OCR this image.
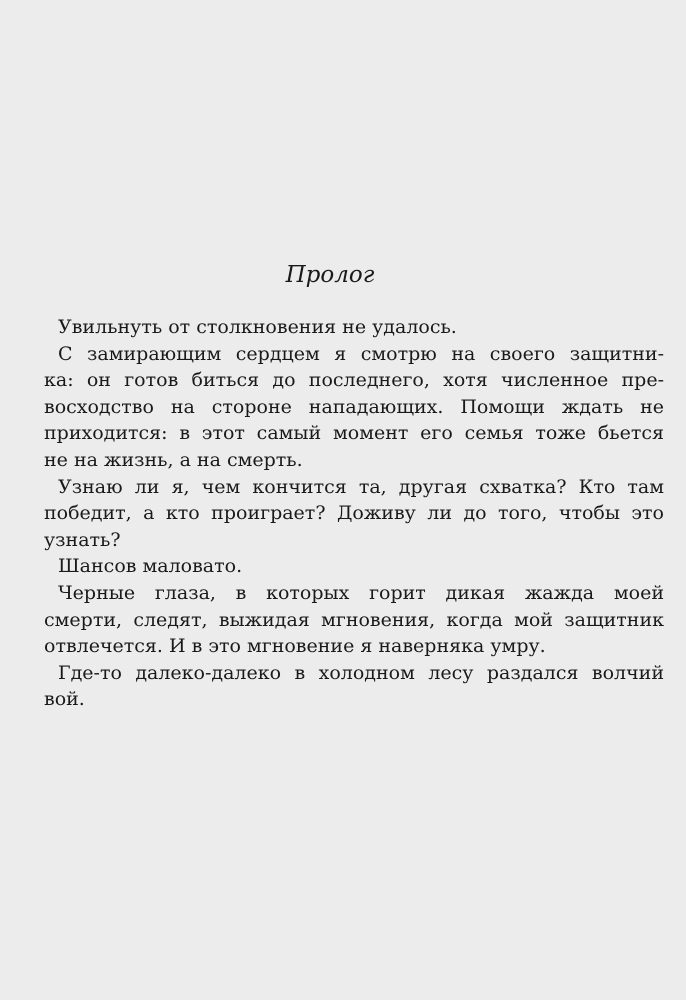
Пролог

Увильнуть от столкновения не удалось.

С замирающим сердцем я смотрю на своего защитни-
ка: он готов биться до последнего, хотя численное пре-
восходство на стороне нападающих. Помощи ждать не
приходится: в этот самый момент его семья тоже бьется
не на жизнь, а на смерть.

Узнаю ли я, чем кончится та, другая схватка? Кто там
победит, а кто проиграет? Доживу ли до того, чтобы это
узнать?

Шансов маловато.

Черные глаза, в которых горит дикая жажда моей
смерти, следят, выжидая мгновения, когда мой защитник
отвлечется. И в это мгновение я наверняка умру.

Где-то далеко-далеко в холодном лесу раздался волчий
вой.
